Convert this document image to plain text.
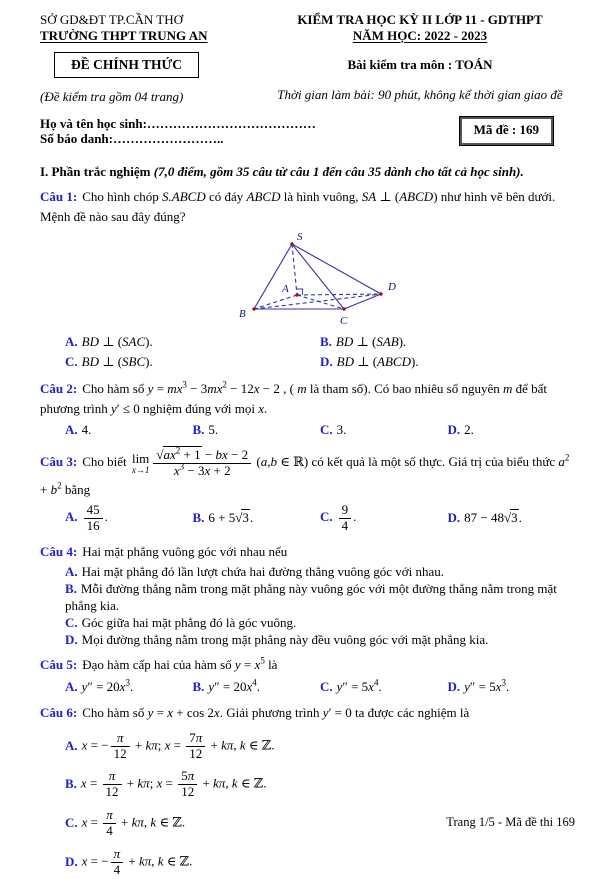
SỞ GD&ĐT TP.CẦN THƠ
TRƯỜNG THPT TRUNG AN
ĐỀ CHÍNH THỨC
(Đề kiểm tra gồm 04 trang)
KIỂM TRA HỌC KỲ II LỚP 11 - GDTHPT
NĂM HỌC: 2022 - 2023
Bài kiểm tra môn : TOÁN
Thời gian làm bài: 90 phút, không kể thời gian giao đề
Họ và tên học sinh:…………………………………
Số báo danh:……………………..
Mã đề : 169
I. Phần trắc nghiệm (7,0 điểm, gồm 35 câu từ câu 1 đến câu 35 dành cho tất cả học sinh).
Câu 1: Cho hình chóp S.ABCD có đáy ABCD là hình vuông, SA ⊥ (ABCD) như hình vẽ bên dưới. Mệnh đề nào sau đây đúng?
S
A
B
C
D
A. BD ⊥ (SAC).	B. BD ⊥ (SAB).
C. BD ⊥ (SBC).	D. BD ⊥ (ABCD).
Câu 2: Cho hàm số $y = mx^3 - 3mx^2 - 12x - 2$ , ( m là tham số). Có bao nhiêu số nguyên m để bất phương trình y′ ≤ 0 nghiệm đúng với mọi x.
A. 4.	B. 5.	C. 3.	D. 2.
Câu 3: Cho biết lim
$x\to 1 \frac{√ax^2 + 1 - bx - 2}{x^3 - 3x + 2} (a,b$ ∈ ℝ) có kết quả là một số thực. Giá trị của biểu thức $a^2 + b^2$ bằng
A. $\frac{45}{16}$ .	B. 6 + 5√3.	C. $\frac{9}{4}$ .	D. 87 − 48√3.
Câu 4: Hai mặt phẳng vuông góc với nhau nếu
A. Hai mặt phẳng đó lần lượt chứa hai đường thẳng vuông góc với nhau.
B. Mỗi đường thẳng nằm trong mặt phẳng này vuông góc với một đường thẳng nằm trong mặt phẳng kia.
C. Góc giữa hai mặt phẳng đó là góc vuông.
D. Mọi đường thẳng nằm trong mặt phẳng này đều vuông góc với mặt phẳng kia.
Câu 5: Đạo hàm cấp hai của hàm số $y = x^5$ là
A. $y'' = 20x^3$.	B. $y'' = 20x^4$.	C. $y'' = 5x^4$.	D. $y'' = 5x^3$.
Câu 6: Cho hàm số y = x + cos 2x. Giải phương trình y′ = 0 ta được các nghiệm là
A. x = − $\frac{\pi}{12} + k\pi$; $x = \frac{7\pi}{12} + k\pi$, k ∈ ℤ.
B. $x = \frac{\pi}{12} + k\pi$; $x = \frac{5\pi}{12} + k\pi$, k ∈ ℤ.
C. $x = \frac{\pi}{4} + k\pi$, k ∈ ℤ.
D. x = − $\frac{\pi}{4} + k\pi$, k ∈ ℤ.
Trang 1/5 - Mã đề thi 169
